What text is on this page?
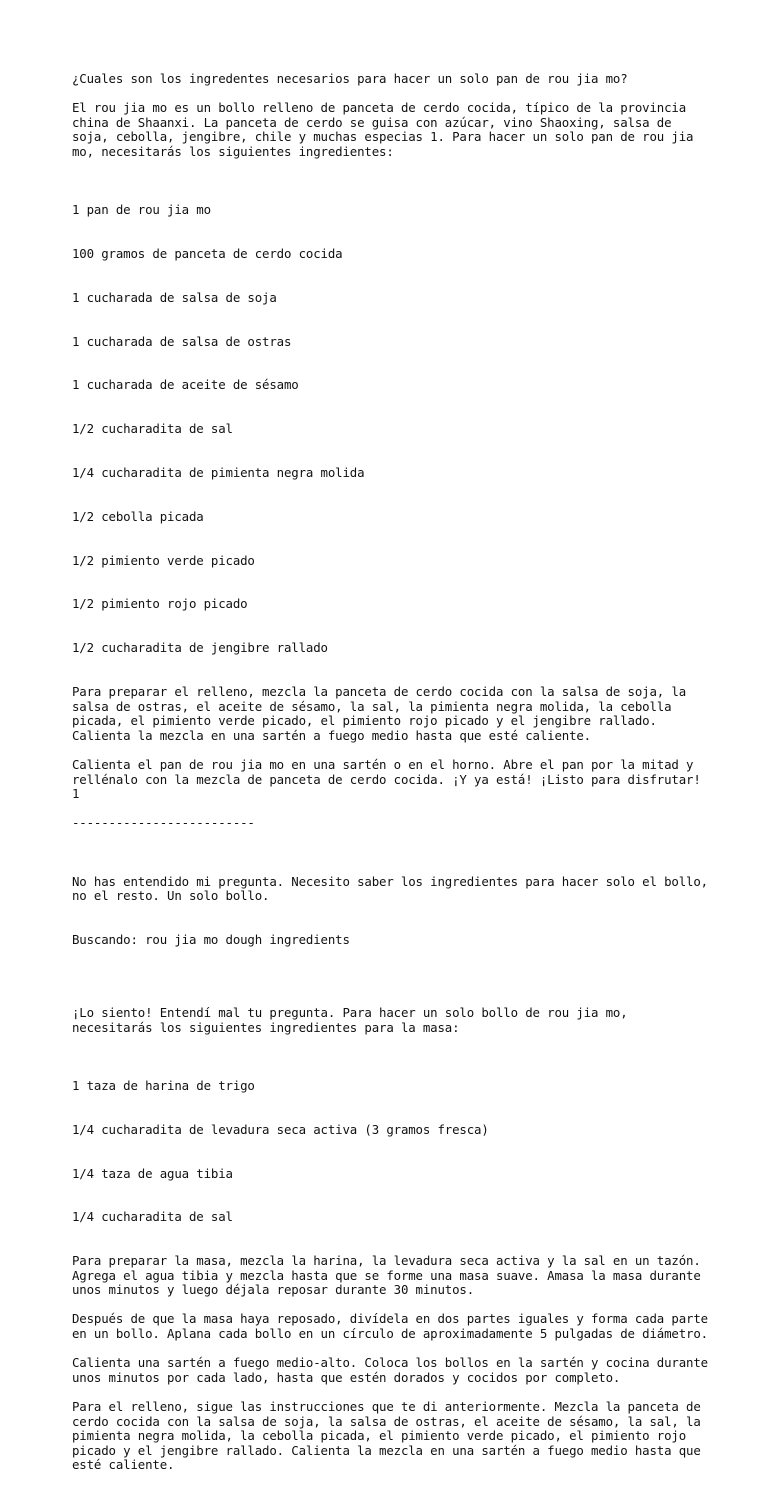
¿Cuales son los ingredentes necesarios para hacer un solo pan de rou jia mo?
El rou jia mo es un bollo relleno de panceta de cerdo cocida, típico de la provincia china de Shaanxi. La panceta de cerdo se guisa con azúcar, vino Shaoxing, salsa de soja, cebolla, jengibre, chile y muchas especias 1. Para hacer un solo pan de rou jia mo, necesitarás los siguientes ingredientes:

1 pan de rou jia mo

100 gramos de panceta de cerdo cocida

1 cucharada de salsa de soja

1 cucharada de salsa de ostras

1 cucharada de aceite de sésamo

1/2 cucharadita de sal

1/4 cucharadita de pimienta negra molida

1/2 cebolla picada

1/2 pimiento verde picado

1/2 pimiento rojo picado

1/2 cucharadita de jengibre rallado

Para preparar el relleno, mezcla la panceta de cerdo cocida con la salsa de soja, la salsa de ostras, el aceite de sésamo, la sal, la pimienta negra molida, la cebolla picada, el pimiento verde picado, el pimiento rojo picado y el jengibre rallado. Calienta la mezcla en una sartén a fuego medio hasta que esté caliente.
Calienta el pan de rou jia mo en una sartén o en el horno. Abre el pan por la mitad y rellénalo con la mezcla de panceta de cerdo cocida. ¡Y ya está! ¡Listo para disfrutar! 1
-------------------------

No has entendido mi pregunta. Necesito saber los ingredientes para hacer solo el bollo, no el resto. Un solo bollo.

Buscando: rou jia mo dough ingredients

¡Lo siento! Entendí mal tu pregunta. Para hacer un solo bollo de rou jia mo, necesitarás los siguientes ingredientes para la masa:

1 taza de harina de trigo

1/4 cucharadita de levadura seca activa (3 gramos fresca)

1/4 taza de agua tibia

1/4 cucharadita de sal

Para preparar la masa, mezcla la harina, la levadura seca activa y la sal en un tazón. Agrega el agua tibia y mezcla hasta que se forme una masa suave. Amasa la masa durante unos minutos y luego déjala reposar durante 30 minutos.
Después de que la masa haya reposado, divídela en dos partes iguales y forma cada parte en un bollo. Aplana cada bollo en un círculo de aproximadamente 5 pulgadas de diámetro.
Calienta una sartén a fuego medio-alto. Coloca los bollos en la sartén y cocina durante unos minutos por cada lado, hasta que estén dorados y cocidos por completo.
Para el relleno, sigue las instrucciones que te di anteriormente. Mezcla la panceta de cerdo cocida con la salsa de soja, la salsa de ostras, el aceite de sésamo, la sal, la pimienta negra molida, la cebolla picada, el pimiento verde picado, el pimiento rojo picado y el jengibre rallado. Calienta la mezcla en una sartén a fuego medio hasta que esté caliente.
